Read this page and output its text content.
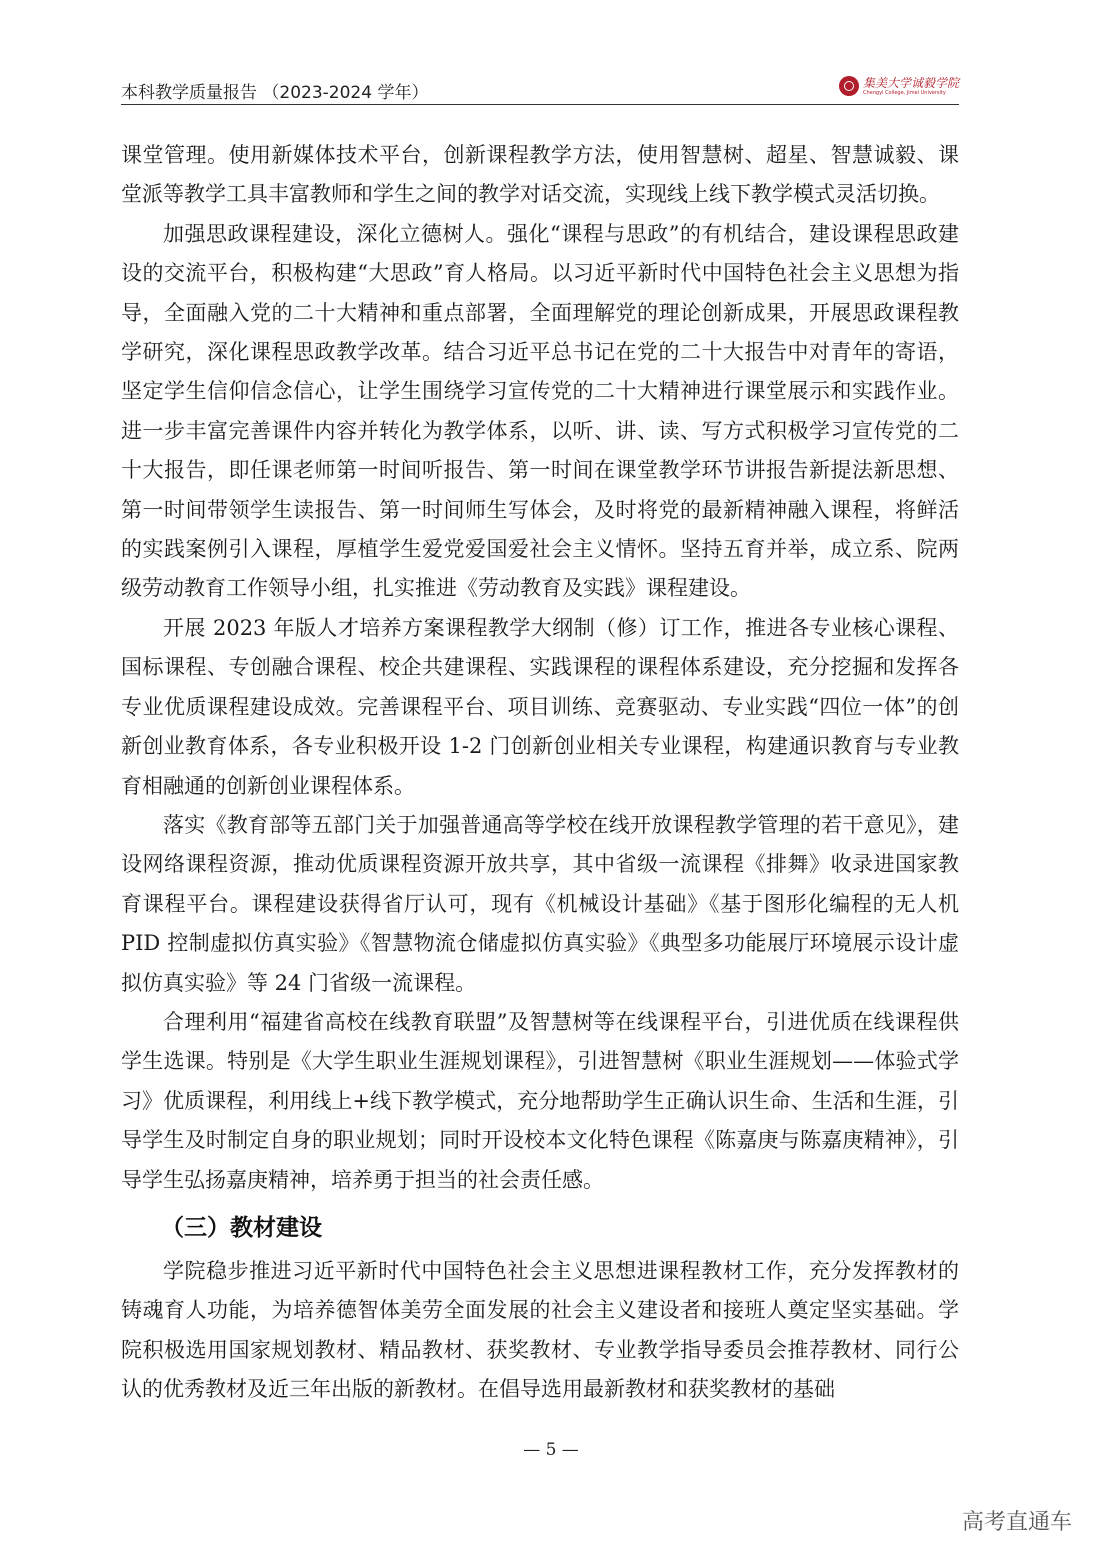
本科教学质量报告 （2023-2024 学年）
集美大学诚毅学院
Chengyi College, Jimei University

课堂管理。使用新媒体技术平台，创新课程教学方法，使用智慧树、超星、智慧诚毅、课堂派等教学工具丰富教师和学生之间的教学对话交流，实现线上线下教学模式灵活切换。

加强思政课程建设，深化立德树人。强化“课程与思政”的有机结合，建设课程思政建设的交流平台，积极构建“大思政”育人格局。以习近平新时代中国特色社会主义思想为指导，全面融入党的二十大精神和重点部署，全面理解党的理论创新成果，开展思政课程教学研究，深化课程思政教学改革。结合习近平总书记在党的二十大报告中对青年的寄语，坚定学生信仰信念信心，让学生围绕学习宣传党的二十大精神进行课堂展示和实践作业。进一步丰富完善课件内容并转化为教学体系，以听、讲、读、写方式积极学习宣传党的二十大报告，即任课老师第一时间听报告、第一时间在课堂教学环节讲报告新提法新思想、第一时间带领学生读报告、第一时间师生写体会，及时将党的最新精神融入课程，将鲜活的实践案例引入课程，厚植学生爱党爱国爱社会主义情怀。坚持五育并举，成立系、院两级劳动教育工作领导小组，扎实推进《劳动教育及实践》课程建设。

开展 2023 年版人才培养方案课程教学大纲制（修）订工作，推进各专业核心课程、国标课程、专创融合课程、校企共建课程、实践课程的课程体系建设，充分挖掘和发挥各专业优质课程建设成效。完善课程平台、项目训练、竞赛驱动、专业实践“四位一体”的创新创业教育体系，各专业积极开设 1-2 门创新创业相关专业课程，构建通识教育与专业教育相融通的创新创业课程体系。

落实《教育部等五部门关于加强普通高等学校在线开放课程教学管理的若干意见》，建设网络课程资源，推动优质课程资源开放共享，其中省级一流课程《排舞》收录进国家教育课程平台。课程建设获得省厅认可，现有《机械设计基础》《基于图形化编程的无人机 PID 控制虚拟仿真实验》《智慧物流仓储虚拟仿真实验》《典型多功能展厅环境展示设计虚拟仿真实验》等 24 门省级一流课程。

合理利用“福建省高校在线教育联盟”及智慧树等在线课程平台，引进优质在线课程供学生选课。特别是《大学生职业生涯规划课程》，引进智慧树《职业生涯规划——体验式学习》优质课程，利用线上+线下教学模式，充分地帮助学生正确认识生命、生活和生涯，引导学生及时制定自身的职业规划；同时开设校本文化特色课程《陈嘉庚与陈嘉庚精神》，引导学生弘扬嘉庚精神，培养勇于担当的社会责任感。

（三）教材建设

学院稳步推进习近平新时代中国特色社会主义思想进课程教材工作，充分发挥教材的铸魂育人功能，为培养德智体美劳全面发展的社会主义建设者和接班人奠定坚实基础。学院积极选用国家规划教材、精品教材、获奖教材、专业教学指导委员会推荐教材、同行公认的优秀教材及近三年出版的新教材。在倡导选用最新教材和获奖教材的基础

— 5 —
高考直通车
